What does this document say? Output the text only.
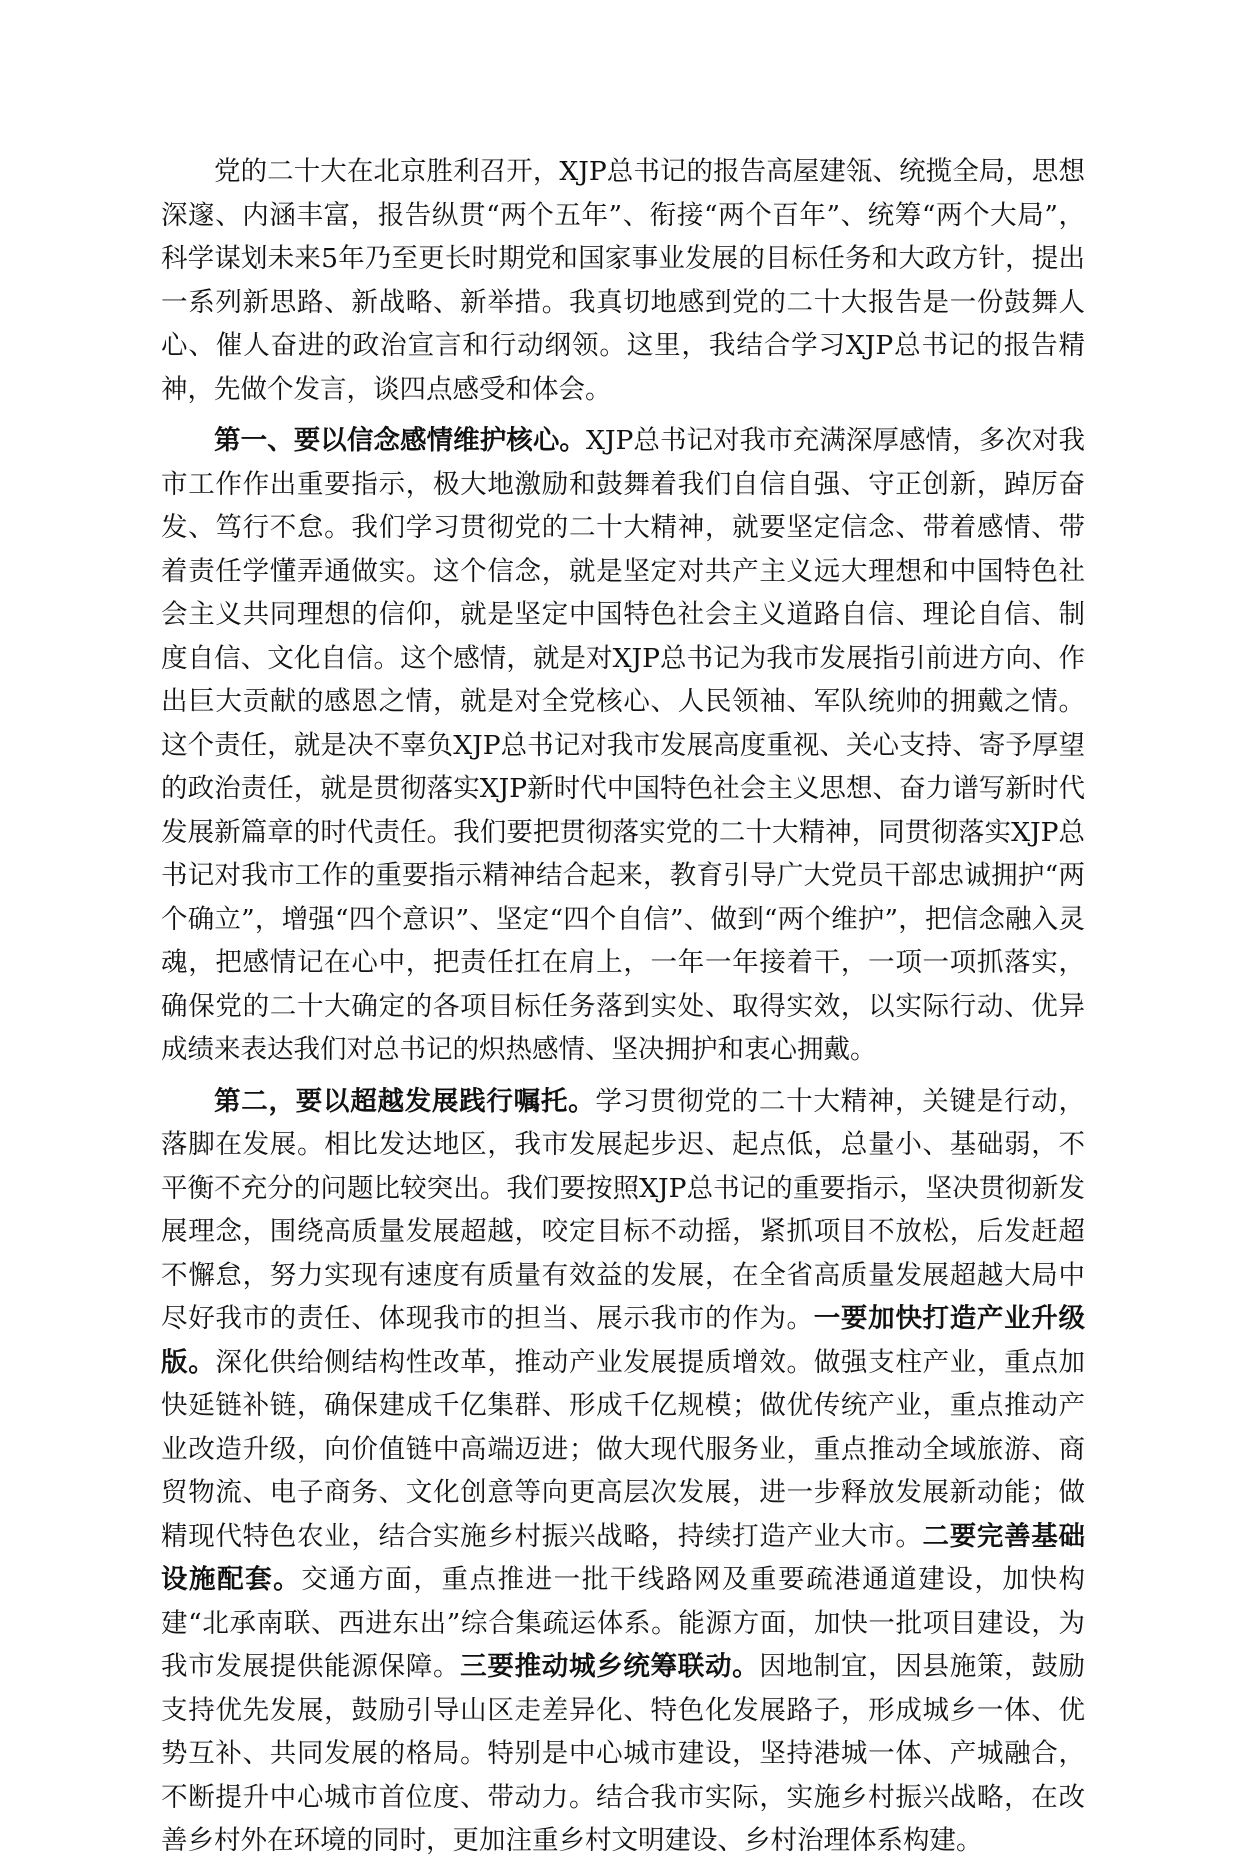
党的二十大在北京胜利召开，XJP总书记的报告高屋建瓴、统揽全局，思想深邃、内涵丰富，报告纵贯“两个五年”、衔接“两个百年”、统筹“两个大局”，科学谋划未来5年乃至更长时期党和国家事业发展的目标任务和大政方针，提出一系列新思路、新战略、新举措。我真切地感到党的二十大报告是一份鼓舞人心、催人奋进的政治宣言和行动纲领。这里，我结合学习XJP总书记的报告精神，先做个发言，谈四点感受和体会。

第一、要以信念感情维护核心。XJP总书记对我市充满深厚感情，多次对我市工作作出重要指示，极大地激励和鼓舞着我们自信自强、守正创新，踔厉奋发、笃行不怠。我们学习贯彻党的二十大精神，就要坚定信念、带着感情、带着责任学懂弄通做实。这个信念，就是坚定对共产主义远大理想和中国特色社会主义共同理想的信仰，就是坚定中国特色社会主义道路自信、理论自信、制度自信、文化自信。这个感情，就是对XJP总书记为我市发展指引前进方向、作出巨大贡献的感恩之情，就是对全党核心、人民领袖、军队统帅的拥戴之情。这个责任，就是决不辜负XJP总书记对我市发展高度重视、关心支持、寄予厚望的政治责任，就是贯彻落实XJP新时代中国特色社会主义思想、奋力谱写新时代发展新篇章的时代责任。我们要把贯彻落实党的二十大精神，同贯彻落实XJP总书记对我市工作的重要指示精神结合起来，教育引导广大党员干部忠诚拥护“两个确立”，增强“四个意识”、坚定“四个自信”、做到“两个维护”，把信念融入灵魂，把感情记在心中，把责任扛在肩上，一年一年接着干，一项一项抓落实，确保党的二十大确定的各项目标任务落到实处、取得实效，以实际行动、优异成绩来表达我们对总书记的炽热感情、坚决拥护和衷心拥戴。

第二，要以超越发展践行嘱托。学习贯彻党的二十大精神，关键是行动，落脚在发展。相比发达地区，我市发展起步迟、起点低，总量小、基础弱，不平衡不充分的问题比较突出。我们要按照XJP总书记的重要指示，坚决贯彻新发展理念，围绕高质量发展超越，咬定目标不动摇，紧抓项目不放松，后发赶超不懈怠，努力实现有速度有质量有效益的发展，在全省高质量发展超越大局中尽好我市的责任、体现我市的担当、展示我市的作为。一要加快打造产业升级版。深化供给侧结构性改革，推动产业发展提质增效。做强支柱产业，重点加快延链补链，确保建成千亿集群、形成千亿规模；做优传统产业，重点推动产业改造升级，向价值链中高端迈进；做大现代服务业，重点推动全域旅游、商贸物流、电子商务、文化创意等向更高层次发展，进一步释放发展新动能；做精现代特色农业，结合实施乡村振兴战略，持续打造产业大市。二要完善基础设施配套。交通方面，重点推进一批干线路网及重要疏港通道建设，加快构建“北承南联、西进东出”综合集疏运体系。能源方面，加快一批项目建设，为我市发展提供能源保障。三要推动城乡统筹联动。因地制宜，因县施策，鼓励支持优先发展，鼓励引导山区走差异化、特色化发展路子，形成城乡一体、优势互补、共同发展的格局。特别是中心城市建设，坚持港城一体、产城融合，不断提升中心城市首位度、带动力。结合我市实际，实施乡村振兴战略，在改善乡村外在环境的同时，更加注重乡村文明建设、乡村治理体系构建。
